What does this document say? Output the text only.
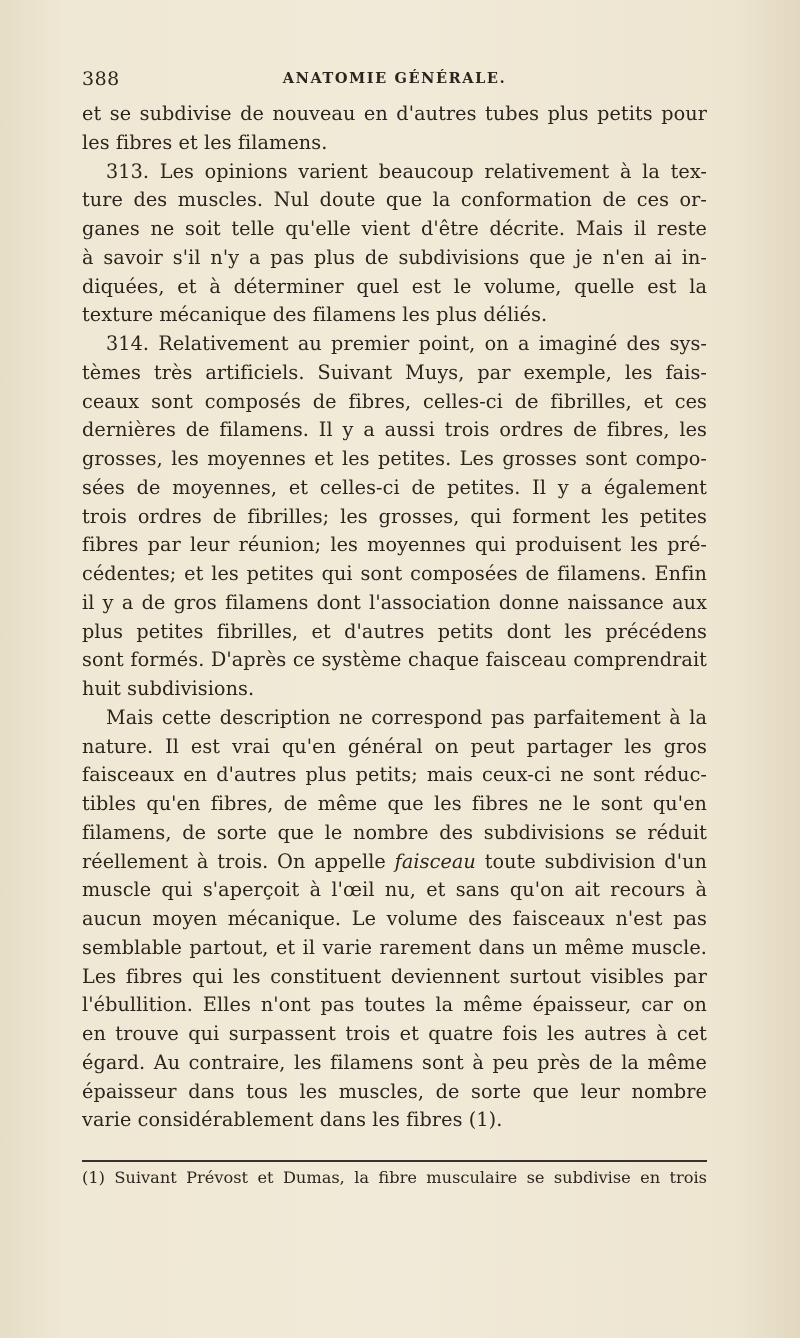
388	ANATOMIE GÉNÉRALE.
et se subdivise de nouveau en d'autres tubes plus petits pour
les fibres et les filamens.
313. Les opinions varient beaucoup relativement à la tex-
ture des muscles. Nul doute que la conformation de ces or-
ganes ne soit telle qu'elle vient d'être décrite. Mais il reste
à savoir s'il n'y a pas plus de subdivisions que je n'en ai in-
diquées, et à déterminer quel est le volume, quelle est la
texture mécanique des filamens les plus déliés.
314. Relativement au premier point, on a imaginé des sys-
tèmes très artificiels. Suivant Muys, par exemple, les fais-
ceaux sont composés de fibres, celles-ci de fibrilles, et ces
dernières de filamens. Il y a aussi trois ordres de fibres, les
grosses, les moyennes et les petites. Les grosses sont compo-
sées de moyennes, et celles-ci de petites. Il y a également
trois ordres de fibrilles; les grosses, qui forment les petites
fibres par leur réunion; les moyennes qui produisent les pré-
cédentes; et les petites qui sont composées de filamens. Enfin
il y a de gros filamens dont l'association donne naissance aux
plus petites fibrilles, et d'autres petits dont les précédens
sont formés. D'après ce système chaque faisceau comprendrait
huit subdivisions.
Mais cette description ne correspond pas parfaitement à la
nature. Il est vrai qu'en général on peut partager les gros
faisceaux en d'autres plus petits; mais ceux-ci ne sont réduc-
tibles qu'en fibres, de même que les fibres ne le sont qu'en
filamens, de sorte que le nombre des subdivisions se réduit
réellement à trois. On appelle faisceau toute subdivision d'un
muscle qui s'aperçoit à l'œil nu, et sans qu'on ait recours à
aucun moyen mécanique. Le volume des faisceaux n'est pas
semblable partout, et il varie rarement dans un même muscle.
Les fibres qui les constituent deviennent surtout visibles par
l'ébullition. Elles n'ont pas toutes la même épaisseur, car on
en trouve qui surpassent trois et quatre fois les autres à cet
égard. Au contraire, les filamens sont à peu près de la même
épaisseur dans tous les muscles, de sorte que leur nombre
varie considérablement dans les fibres (1).
(1) Suivant Prévost et Dumas, la fibre musculaire se subdivise en trois
